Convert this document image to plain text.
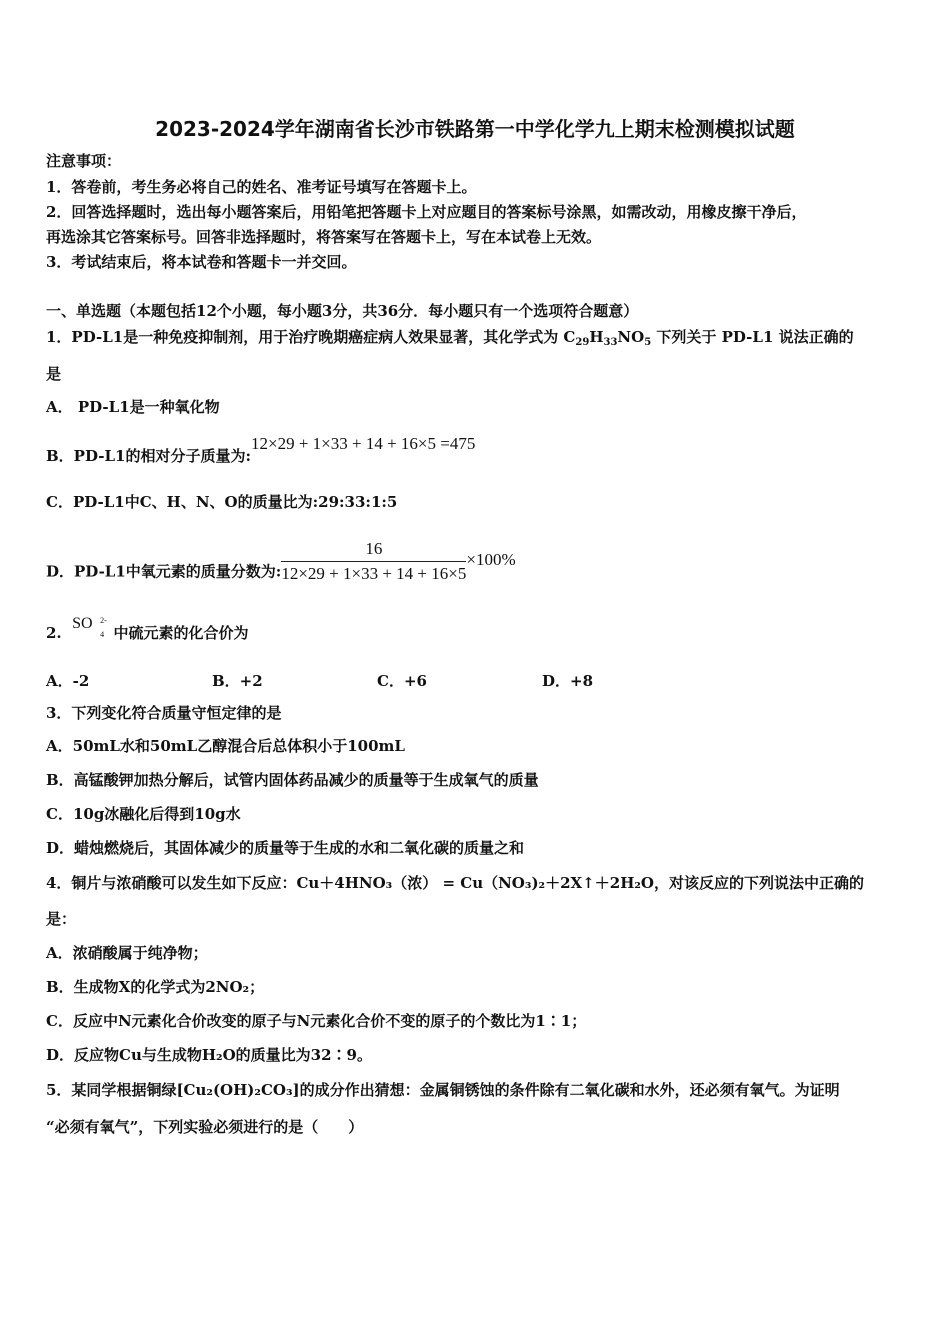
2023-2024学年湖南省长沙市铁路第一中学化学九上期末检测模拟试题
注意事项：
1．答卷前，考生务必将自己的姓名、准考证号填写在答题卡上。
2．回答选择题时，选出每小题答案后，用铅笔把答题卡上对应题目的答案标号涂黑，如需改动，用橡皮擦干净后，
再选涂其它答案标号。回答非选择题时，将答案写在答题卡上，写在本试卷上无效。
3．考试结束后，将本试卷和答题卡一并交回。
一、单选题（本题包括12个小题，每小题3分，共36分．每小题只有一个选项符合题意）
1．PD-L1是一种免疫抑制剂，用于治疗晚期癌症病人效果显著，其化学式为 $C_{29}H_{33}NO_5$ 下列关于 PD-L1 说法正确的
是
A． PD-L1是一种氧化物
B．PD-L1的相对分子质量为:12×29 + 1×33 + 14 + 16×5 =475
C．PD-L1中C、H、N、O的质量比为:29:33:1:5
D．PD-L1中氧元素的质量分数为: $\frac{16}{12\times 29 + 1\times 33 + 14 + 16\times 5} \times 100\%$
2.  SO 2-
4 中硫元素的化合价为
A．-2	B．+2	C．+6	D．+8
3．下列变化符合质量守恒定律的是
A．50mL水和50mL乙醇混合后总体积小于100mL
B．高锰酸钾加热分解后，试管内固体药品减少的质量等于生成氧气的质量
C．10g冰融化后得到10g水
D．蜡烛燃烧后，其固体减少的质量等于生成的水和二氧化碳的质量之和
4．铜片与浓硝酸可以发生如下反应：Cu＋4HNO₃（浓） = Cu（NO₃)₂＋2X↑＋2H₂O，对该反应的下列说法中正确的
是：
A．浓硝酸属于纯净物；
B．生成物X的化学式为2NO₂；
C．反应中N元素化合价改变的原子与N元素化合价不变的原子的个数比为1∶1；
D．反应物Cu与生成物H₂O的质量比为32∶9。
5．某同学根据铜绿[Cu₂(OH)₂CO₃]的成分作出猜想：金属铜锈蚀的条件除有二氧化碳和水外，还必须有氧气。为证明
“必须有氧气”，下列实验必须进行的是（　　）
